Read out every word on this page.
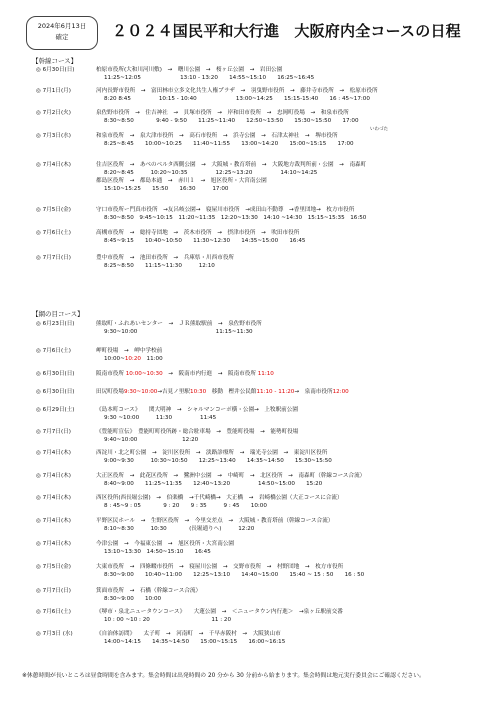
2024年6月13日
確定	２０２４国民平和大行進　大阪府内全コースの日程
【幹線コース】
◎ 6月30日(日)	柏原市役所(大和川河川敷)　→　曙川公園　→　桜ヶ丘公園　→　岩田公園
11:25~12:05　　　　　　　13:10 - 13:20　　14:55~15:10　　16:25~16:45
◎ 7月1日(月)	河内長野市役所　→　富田林市立多文化共生人権プラザ　→　羽曳野市役所　→　藤井寺市役所　→　松原市役所
8:20 8:45　　　　　10:15 - 10:40　　　　　　　13:00~14:25　　15:15-15:40　　16 : 45~17:00
◎ 7月2日(火)	泉佐野市役所　→　住吉神社　→　貝塚市役所　→　岸和田市役所　→　忠岡町役場　→　和泉市役所
8:30~8:50　　　　9:40 - 9:50　　11:25~11:40　　12:50~13:50　　15:30~15:50　　17:00
◎ 7月3日(水)	和泉市役所　→　泉大津市役所　→　高石市役所　→　浜寺公園　→　石津太神社　→　堺市役所
8:25~8:45　　10:00~10:25　　11:40~11:55　　13:00~14:20　　15:00~15:15　　17:00
いわづた
◎ 7月4日(木)	住吉区役所　→　あべのベルタ西側公園　→　大阪城・教育塔前　→　大阪地方裁判所前・公園　→　南森町
8:20~8:45　　　10:20~10:35　　　　　12:25~13:20　　　　　14:10~14:25
都島区役所　→　都島本通　→　赤川１　→　旭区役所・大宮南公園
15:10~15:25　　15:50　　16:30　　　17:00
◎ 7月5日(金)	守口市役所ー門真市役所　→友呂岐公園→　寝屋川市役所　→成田山不動尊　→香里団地→　枚方市役所
8:30~8:50　9:45~10:15　11:20~11:35　12:20~13:30　14:10 ~14:30　15:15~15:35　16:50
◎ 7月6日(土)	高槻市役所　→　総持寺団地　→　茨木市役所　→　摂津市役所　→　吹田市役所
8:45~9:15　　10:40~10:50　　11:30~12:30　　14:35~15:00　　16:45
◎ 7月7日(日)	豊中市役所　→　池田市役所　→　兵庫県・川西市役所
8:25~8:50　　11:15~11:30　　　12:10
【網の目コース】
◎ 6月23日(日)	熊取町・ふれあいセンター　→　ＪＲ熊取駅前　→　泉佐野市役所
9:30~10:00　　　　　　　　　　　　　　11:15~11:30
◎ 7月6日(土)	岬町役場　→　岬中学校前
10:00~10:20　11:00
◎ 6月30日(日)	阪南市役所 10:00~10:30　→　阪南市内行進　→　阪南市役所 11:10
◎ 6月30日(日)	田尻町役場9:30~10:00→吉見ノ里駅10:30　移動　樫井公民館11:10 - 11:20→　泉南市役所12:00
◎ 6月29日(土)	《島本町コース》　　関大明神　→　シャルマンコーポ横・公園→　上牧駅前公園
9:30 ~10:00　　　11:30　　　　　11:45
◎ 7月7日(日)	《豊能町宣伝》　豊能町町役所跡・総合駐車場　→　豊能町役場　→　能勢町役場
9:40~10:00　　　　　　　　12:20
◎ 7月4日(木)	西淀川・北之町公園　→　淀川区役所　→　淡路診療所　→　瑞光寺公園　→　東淀川区役所
9:00~9:30　　　10:30~10:50　　12:25~13:40　　14:35~14:50　　15:30~15:50
◎ 7月4日(木)	大正区役所　→　此花区役所　→　鷺洲中公園　→　中崎町　→　北区役所　→　南森町（幹線コース合流）
8:40~9:00　　11:25~11:35　　12:40~13:20　　　　　14:50~15:00　　15:20
◎ 7月4日(木)	西区役所(西長堀公園)　→　伯楽橋　→千代崎橋→　大正橋　→　岩崎橋公園（大正コースに合流）
8 : 45~9 : 05　　　　9 : 20　　9 : 35　　　9 : 45　　10:00
◎ 7月4日(木)	平野区民ホール　→　生野区役所　→　今里交差点　→　大阪城・教育塔前（幹線コース合流）
8:10~8:30　　　10:30　　　　(長堀通りへ)　　　12:20
◎ 7月4日(木)	今津公園　→　今福東公園　→　旭区役所・大宮南公園
13:10~13:30　14:50~15:10　　16:45
◎ 7月5日(金)	大東市役所　→　四條畷市役所　→　寝屋川公園　→　交野市役所　→　村野団地　→　枚方市役所
8:30~9:00　　10:40~11:00　　12:25~13:10　　14:40~15:00　　15:40 ~ 15 : 50　　16 : 50
◎ 7月7日(日)	箕面市役所　→　石橋（幹線コース合流）
8:30~9:00　　10:00
◎ 7月6日(土)	《堺市・泉北ニュータウンコース》　　大蓮公園　→　＜ニュータウン内行進＞　→泉ヶ丘駅前交番
10 : 00 ~10 : 20　　　　　　　　　　　11 : 20
◎ 7月3日 (水)	《自治体訪問》　　太子町　→　河南町　→　千早赤阪村　→　大阪狭山市
14:00~14:15　　14:35~14:50　　15:00~15:15　　16:00~16:15
※休憩時間が長いところは昼食時間を含みます。集会時間は出発時間の 20 分から 30 分前から始まります。集会時間は地元実行委員会にご確認ください。
